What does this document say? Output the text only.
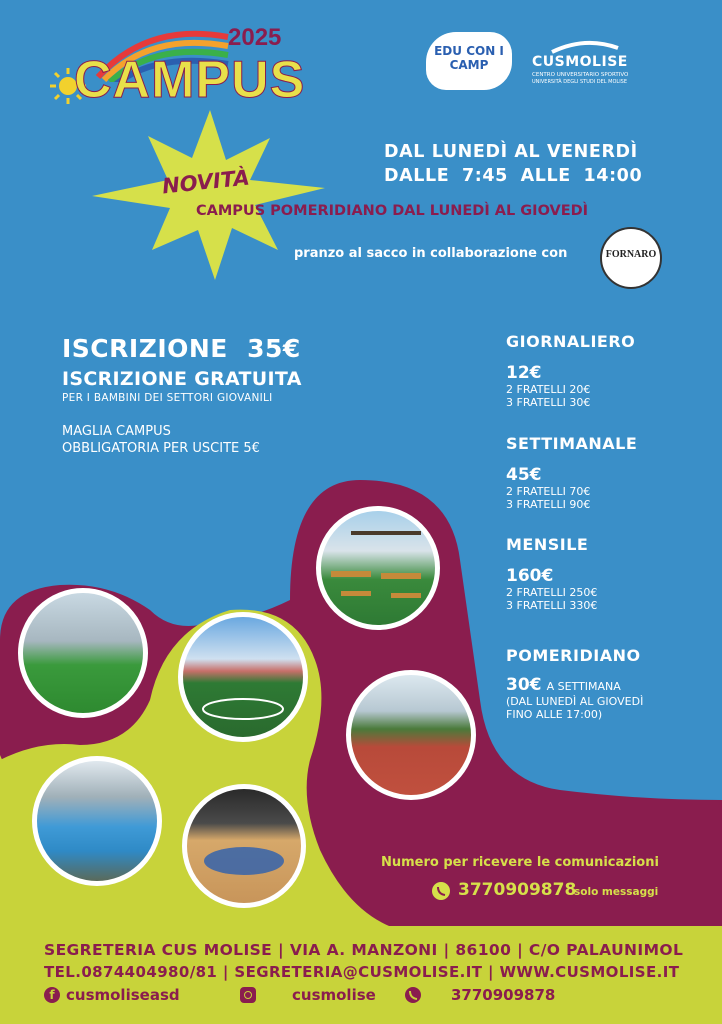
2025
CAMPUS	EDU CON I CAMP	CUSMOLISE
CENTRO UNIVERSITARIO SPORTIVO
UNIVERSITÀ DEGLI STUDI DEL MOLISE
DAL LUNEDÌ AL VENERDÌ
DALLE 7:45 ALLE 14:00
NOVITÀ
CAMPUS POMERIDIANO DAL LUNEDÌ AL GIOVEDÌ
pranzo al sacco in collaborazione con	FORNARO
ISCRIZIONE 35€
ISCRIZIONE GRATUITA
PER I BAMBINI DEI SETTORI GIOVANILI
MAGLIA CAMPUS
OBBLIGATORIA PER USCITE 5€
GIORNALIERO
12€
2 FRATELLI 20€
3 FRATELLI 30€
SETTIMANALE
45€
2 FRATELLI 70€
3 FRATELLI 90€
MENSILE
160€
2 FRATELLI 250€
3 FRATELLI 330€
POMERIDIANO
30€ A SETTIMANA
(DAL LUNEDÌ AL GIOVEDÌ
FINO ALLE 17:00)
Numero per ricevere le comunicazioni
3770909878
solo messaggi
SEGRETERIA CUS MOLISE | VIA A. MANZONI | 86100 | C/O PALAUNIMOL
TEL.0874404980/81 | SEGRETERIA@CUSMOLISE.IT | WWW.CUSMOLISE.IT
f cusmoliseasd	cusmolise	3770909878
